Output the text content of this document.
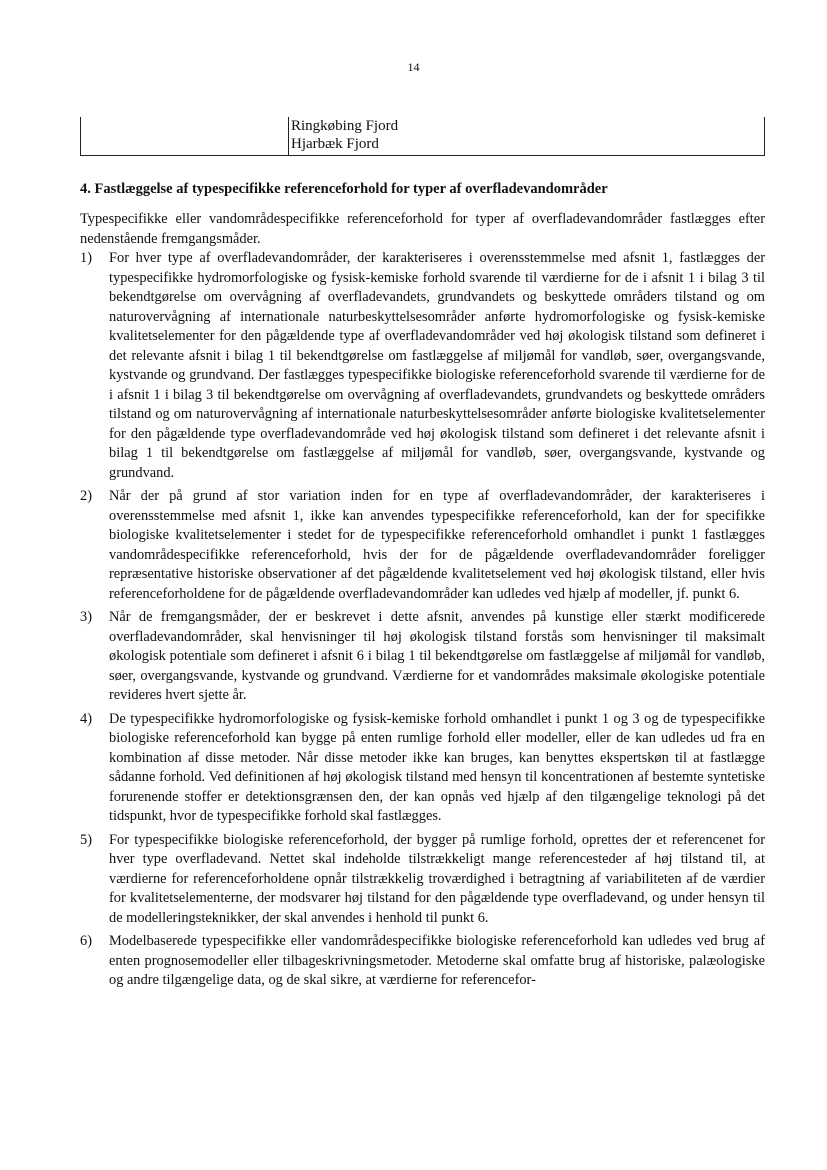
14
Ringkøbing Fjord
Hjarbæk Fjord
4. Fastlæggelse af typespecifikke referenceforhold for typer af overfladevandområder

Typespecifikke eller vandområdespecifikke referenceforhold for typer af overfladevandområder fastlægges efter nedenstående fremgangsmåder.

1) For hver type af overfladevandområder, der karakteriseres i overensstemmelse med afsnit 1, fastlægges der typespecifikke hydromorfologiske og fysisk-kemiske forhold svarende til værdierne for de i afsnit 1 i bilag 3 til bekendtgørelse om overvågning af overfladevandets, grundvandets og beskyttede områders tilstand og om naturovervågning af internationale naturbeskyttelsesområder anførte hydromorfologiske og fysisk-kemiske kvalitetselementer for den pågældende type af overfladevandområder ved høj økologisk tilstand som defineret i det relevante afsnit i bilag 1 til bekendtgørelse om fastlæggelse af miljømål for vandløb, søer, overgangsvande, kystvande og grundvand. Der fastlægges typespecifikke biologiske referenceforhold svarende til værdierne for de i afsnit 1 i bilag 3 til bekendtgørelse om overvågning af overfladevandets, grundvandets og beskyttede områders tilstand og om naturovervågning af internationale naturbeskyttelsesområder anførte biologiske kvalitetselementer for den pågældende type overfladevandområde ved høj økologisk tilstand som defineret i det relevante afsnit i bilag 1 til bekendtgørelse om fastlæggelse af miljømål for vandløb, søer, overgangsvande, kystvande og grundvand.
2) Når der på grund af stor variation inden for en type af overfladevandområder, der karakteriseres i overensstemmelse med afsnit 1, ikke kan anvendes typespecifikke referenceforhold, kan der for specifikke biologiske kvalitetselementer i stedet for de typespecifikke referenceforhold omhandlet i punkt 1 fastlægges vandområdespecifikke referenceforhold, hvis der for de pågældende overfladevandområder foreligger repræsentative historiske observationer af det pågældende kvalitetselement ved høj økologisk tilstand, eller hvis referenceforholdene for de pågældende overfladevandområder kan udledes ved hjælp af modeller, jf. punkt 6.
3) Når de fremgangsmåder, der er beskrevet i dette afsnit, anvendes på kunstige eller stærkt modificerede overfladevandområder, skal henvisninger til høj økologisk tilstand forstås som henvisninger til maksimalt økologisk potentiale som defineret i afsnit 6 i bilag 1 til bekendtgørelse om fastlæggelse af miljømål for vandløb, søer, overgangsvande, kystvande og grundvand. Værdierne for et vandområdes maksimale økologiske potentiale revideres hvert sjette år.
4) De typespecifikke hydromorfologiske og fysisk-kemiske forhold omhandlet i punkt 1 og 3 og de typespecifikke biologiske referenceforhold kan bygge på enten rumlige forhold eller modeller, eller de kan udledes ud fra en kombination af disse metoder. Når disse metoder ikke kan bruges, kan benyttes ekspertskøn til at fastlægge sådanne forhold. Ved definitionen af høj økologisk tilstand med hensyn til koncentrationen af bestemte syntetiske forurenende stoffer er detektionsgrænsen den, der kan opnås ved hjælp af den tilgængelige teknologi på det tidspunkt, hvor de typespecifikke forhold skal fastlægges.
5) For typespecifikke biologiske referenceforhold, der bygger på rumlige forhold, oprettes der et referencenet for hver type overfladevand. Nettet skal indeholde tilstrækkeligt mange referencesteder af høj tilstand til, at værdierne for referenceforholdene opnår tilstrækkelig troværdighed i betragtning af variabiliteten af de værdier for kvalitetselementerne, der modsvarer høj tilstand for den pågældende type overfladevand, og under hensyn til de modelleringsteknikker, der skal anvendes i henhold til punkt 6.
6) Modelbaserede typespecifikke eller vandområdespecifikke biologiske referenceforhold kan udledes ved brug af enten prognosemodeller eller tilbageskrivningsmetoder. Metoderne skal omfatte brug af historiske, palæologiske og andre tilgængelige data, og de skal sikre, at værdierne for referencefor-
